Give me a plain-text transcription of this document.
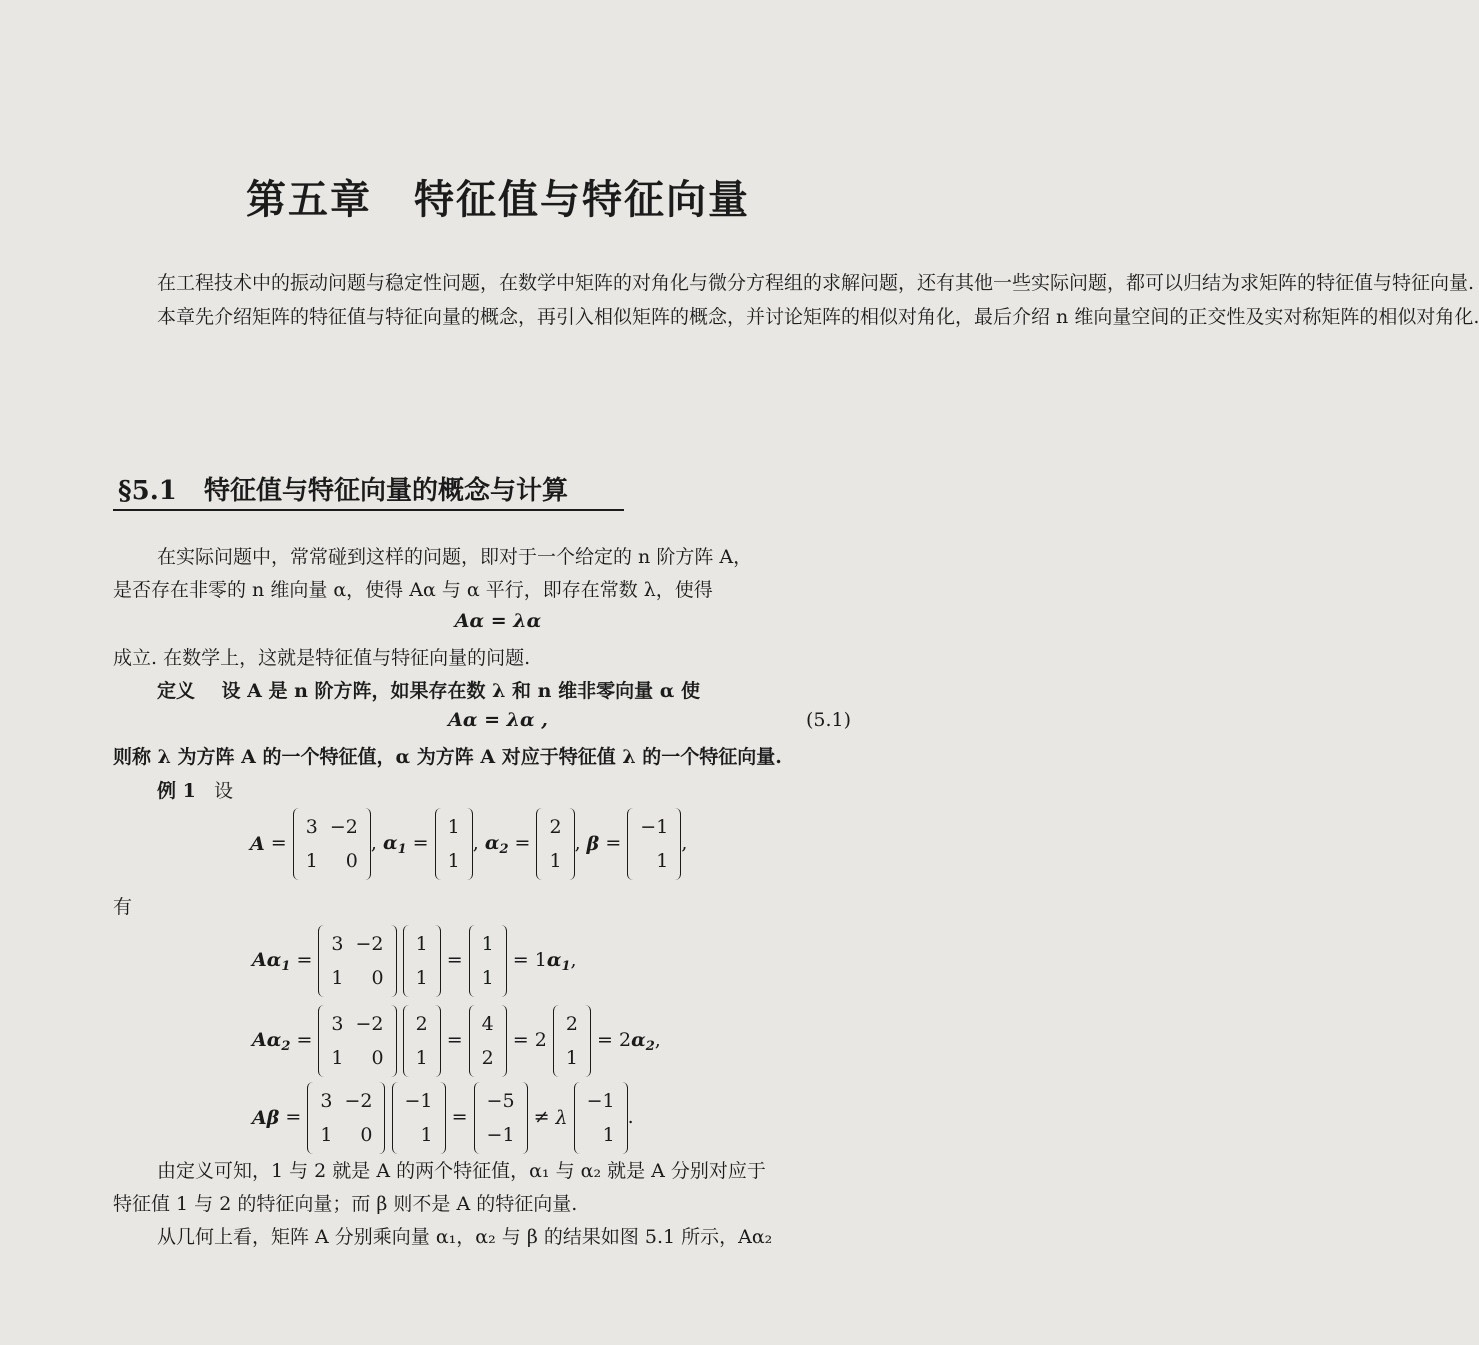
第五章　特征值与特征向量

在工程技术中的振动问题与稳定性问题，在数学中矩阵的对角化与微分方程组的求解问题，还有其他一些实际问题，都可以归结为求矩阵的特征值与特征向量.

本章先介绍矩阵的特征值与特征向量的概念，再引入相似矩阵的概念，并讨论矩阵的相似对角化，最后介绍 n 维向量空间的正交性及实对称矩阵的相似对角化.

§5.1 特征值与特征向量的概念与计算
在实际问题中，常常碰到这样的问题，即对于一个给定的 n 阶方阵 A，
是否存在非零的 n 维向量 α，使得 Aα 与 α 平行，即存在常数 λ，使得
Aα = λα
成立. 在数学上，这就是特征值与特征向量的问题.
定义 设 A 是 n 阶方阵，如果存在数 λ 和 n 维非零向量 α 使
Aα = λα ,	(5.1)
则称 λ 为方阵 A 的一个特征值，α 为方阵 A 对应于特征值 λ 的一个特征向量.
例 1 设
A =
3	−2
1	0
, $\alpha_1$ =
1
1
, $\alpha_2$ =
2
1
, β =
−1
1
,
有
$A\alpha_1$ =
3	−2
1	0

1
1
=
1
1
= $1\alpha_1$,
$A\alpha_2$ =
3	−2
1	0

2
1
=
4
2
= 2
2
1
= $2\alpha_2$,
Aβ =
3	−2
1	0

−1
1
=
−5
−1
≠ λ
−1
1
.
由定义可知，1 与 2 就是 A 的两个特征值，α₁ 与 α₂ 就是 A 分别对应于
特征值 1 与 2 的特征向量；而 β 则不是 A 的特征向量.
从几何上看，矩阵 A 分别乘向量 α₁，α₂ 与 β 的结果如图 5.1 所示，Aα₂
